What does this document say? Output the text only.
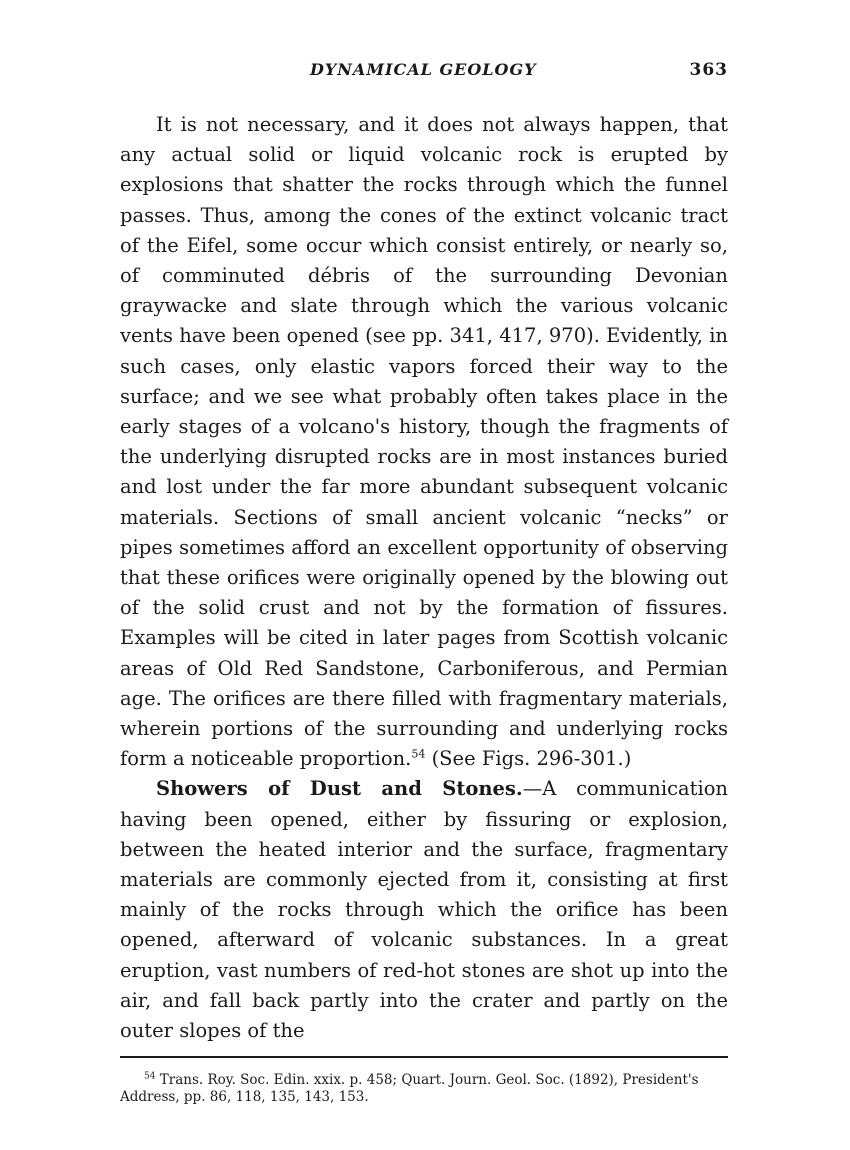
DYNAMICAL GEOLOGY	363

It is not necessary, and it does not always happen, that any actual solid or liquid volcanic rock is erupted by explosions that shatter the rocks through which the funnel passes. Thus, among the cones of the extinct volcanic tract of the Eifel, some occur which consist entirely, or nearly so, of comminuted débris of the surrounding Devonian graywacke and slate through which the various volcanic vents have been opened (see pp. 341, 417, 970). Evidently, in such cases, only elastic vapors forced their way to the surface; and we see what probably often takes place in the early stages of a volcano's history, though the fragments of the underlying disrupted rocks are in most instances buried and lost under the far more abundant subsequent volcanic materials. Sections of small ancient volcanic “necks” or pipes sometimes afford an excellent opportunity of observing that these orifices were originally opened by the blowing out of the solid crust and not by the formation of fissures. Examples will be cited in later pages from Scottish volcanic areas of Old Red Sandstone, Carboniferous, and Permian age. The orifices are there filled with fragmentary materials, wherein portions of the surrounding and underlying rocks form a noticeable proportion.$^{54}$ (See Figs. 296-301.)

Showers of Dust and Stones.—A communication having been opened, either by fissuring or explosion, between the heated interior and the surface, fragmentary materials are commonly ejected from it, consisting at first mainly of the rocks through which the orifice has been opened, afterward of volcanic substances. In a great eruption, vast numbers of red-hot stones are shot up into the air, and fall back partly into the crater and partly on the outer slopes of the

$^{54}$ Trans. Roy. Soc. Edin. xxix. p. 458; Quart. Journ. Geol. Soc. (1892), President's Address, pp. 86, 118, 135, 143, 153.
